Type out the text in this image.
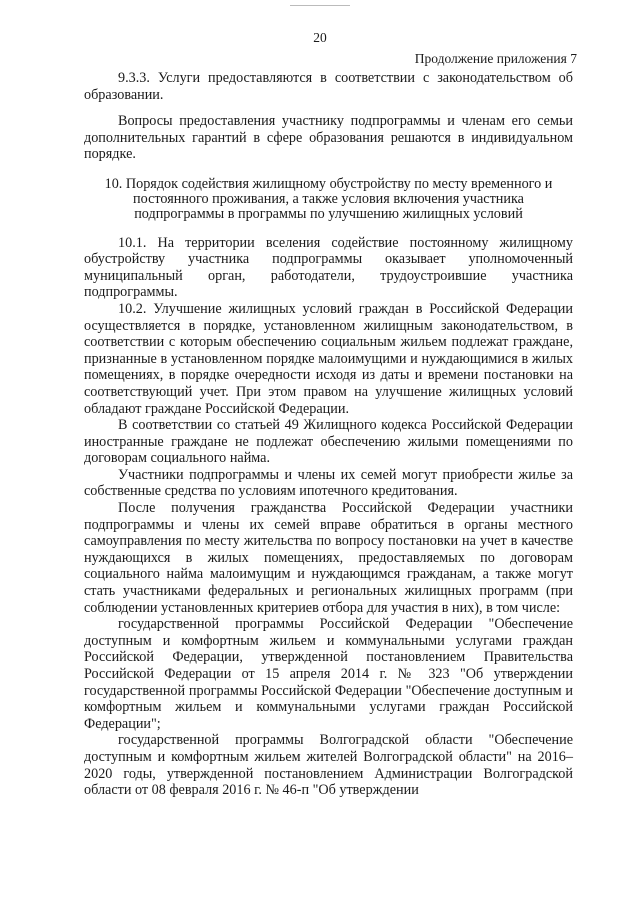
20
Продолжение приложения 7

9.3.3. Услуги предоставляются в соответствии с законодательством об образовании.

Вопросы предоставления участнику подпрограммы и членам его семьи дополнительных гарантий в сфере образования решаются в индивидуальном порядке.

10. Порядок содействия жилищному обустройству по месту временного и постоянного проживания, а также условия включения участника подпрограммы в программы по улучшению жилищных условий

10.1. На территории вселения содействие постоянному жилищному обустройству участника подпрограммы оказывает уполномоченный муниципальный орган, работодатели, трудоустроившие участника подпрограммы.

10.2. Улучшение жилищных условий граждан в Российской Федерации осуществляется в порядке, установленном жилищным законодательством, в соответствии с которым обеспечению социальным жильем подлежат граждане, признанные в установленном порядке малоимущими и нуждающимися в жилых помещениях, в порядке очередности исходя из даты и времени постановки на соответствующий учет. При этом правом на улучшение жилищных условий обладают граждане Российской Федерации.

В соответствии со статьей 49 Жилищного кодекса Российской Федерации иностранные граждане не подлежат обеспечению жилыми помещениями по договорам социального найма.

Участники подпрограммы и члены их семей могут приобрести жилье за собственные средства по условиям ипотечного кредитования.

После получения гражданства Российской Федерации участники подпрограммы и члены их семей вправе обратиться в органы местного самоуправления по месту жительства по вопросу постановки на учет в качестве нуждающихся в жилых помещениях, предоставляемых по договорам социального найма малоимущим и нуждающимся гражданам, а также могут стать участниками федеральных и региональных жилищных программ (при соблюдении установленных критериев отбора для участия в них), в том числе:

государственной программы Российской Федерации "Обеспечение доступным и комфортным жильем и коммунальными услугами граждан Российской Федерации, утвержденной постановлением Правительства Российской Федерации от 15 апреля 2014 г. № 323 "Об утверждении государственной программы Российской Федерации "Обеспечение доступным и комфортным жильем и коммунальными услугами граждан Российской Федерации";

государственной программы Волгоградской области "Обеспечение доступным и комфортным жильем жителей Волгоградской области" на 2016–2020 годы, утвержденной постановлением Администрации Волгоградской области от 08 февраля 2016 г. № 46-п "Об утверждении
